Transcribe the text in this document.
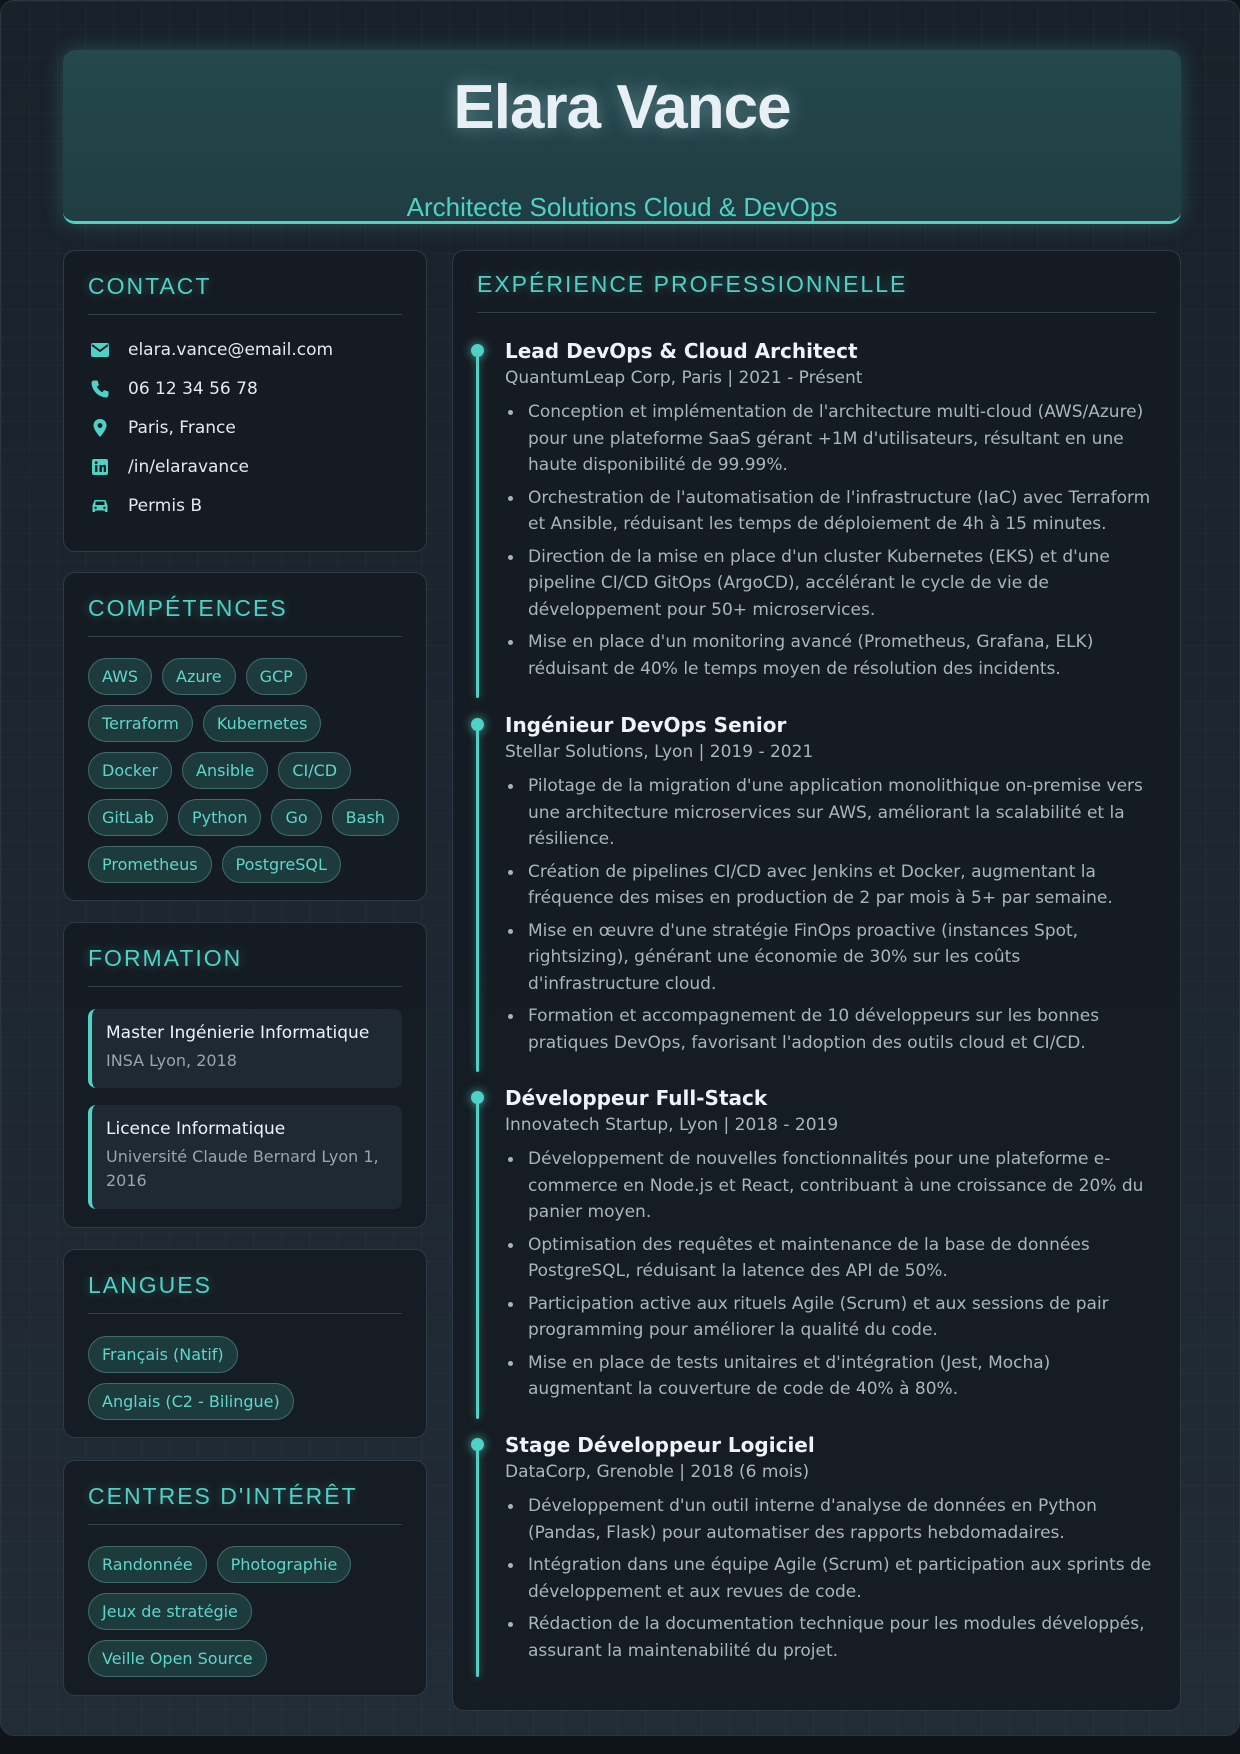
Elara Vance
Architecte Solutions Cloud & DevOps
CONTACT
elara.vance@email.com
06 12 34 56 78
Paris, France
/in/elaravance
Permis B
COMPÉTENCES
AWS	Azure	GCP
Terraform	Kubernetes
Docker	Ansible	CI/CD
GitLab	Python	Go	Bash
Prometheus	PostgreSQL
FORMATION
Master Ingénierie Informatique
INSA Lyon, 2018
Licence Informatique
Université Claude Bernard Lyon 1, 2016
LANGUES
Français (Natif)
Anglais (C2 - Bilingue)
CENTRES D'INTÉRÊT
Randonnée	Photographie
Jeux de stratégie
Veille Open Source
EXPÉRIENCE PROFESSIONNELLE
Lead DevOps & Cloud Architect
QuantumLeap Corp, Paris | 2021 - Présent
Conception et implémentation de l'architecture multi-cloud (AWS/Azure) pour une plateforme SaaS gérant +1M d'utilisateurs, résultant en une haute disponibilité de 99.99%.
Orchestration de l'automatisation de l'infrastructure (IaC) avec Terraform et Ansible, réduisant les temps de déploiement de 4h à 15 minutes.
Direction de la mise en place d'un cluster Kubernetes (EKS) et d'une pipeline CI/CD GitOps (ArgoCD), accélérant le cycle de vie de développement pour 50+ microservices.
Mise en place d'un monitoring avancé (Prometheus, Grafana, ELK) réduisant de 40% le temps moyen de résolution des incidents.
Ingénieur DevOps Senior
Stellar Solutions, Lyon | 2019 - 2021
Pilotage de la migration d'une application monolithique on-premise vers une architecture microservices sur AWS, améliorant la scalabilité et la résilience.
Création de pipelines CI/CD avec Jenkins et Docker, augmentant la fréquence des mises en production de 2 par mois à 5+ par semaine.
Mise en œuvre d'une stratégie FinOps proactive (instances Spot, rightsizing), générant une économie de 30% sur les coûts d'infrastructure cloud.
Formation et accompagnement de 10 développeurs sur les bonnes pratiques DevOps, favorisant l'adoption des outils cloud et CI/CD.
Développeur Full-Stack
Innovatech Startup, Lyon | 2018 - 2019
Développement de nouvelles fonctionnalités pour une plateforme e-commerce en Node.js et React, contribuant à une croissance de 20% du panier moyen.
Optimisation des requêtes et maintenance de la base de données PostgreSQL, réduisant la latence des API de 50%.
Participation active aux rituels Agile (Scrum) et aux sessions de pair programming pour améliorer la qualité du code.
Mise en place de tests unitaires et d'intégration (Jest, Mocha) augmentant la couverture de code de 40% à 80%.
Stage Développeur Logiciel
DataCorp, Grenoble | 2018 (6 mois)
Développement d'un outil interne d'analyse de données en Python (Pandas, Flask) pour automatiser des rapports hebdomadaires.
Intégration dans une équipe Agile (Scrum) et participation aux sprints de développement et aux revues de code.
Rédaction de la documentation technique pour les modules développés, assurant la maintenabilité du projet.
